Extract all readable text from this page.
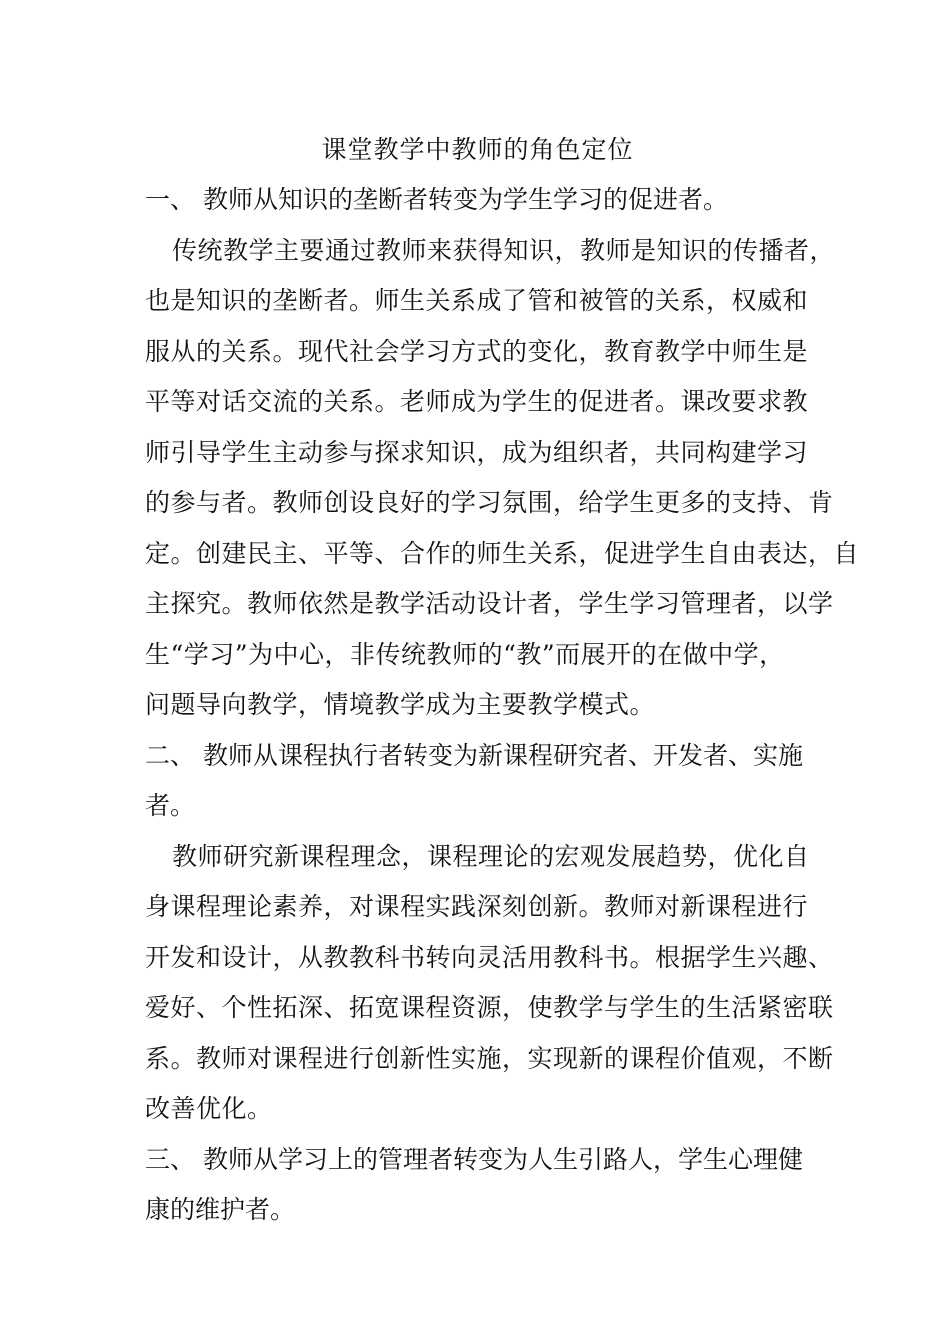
课堂教学中教师的角色定位
一、 教师从知识的垄断者转变为学生学习的促进者。
传统教学主要通过教师来获得知识，教师是知识的传播者，
也是知识的垄断者。师生关系成了管和被管的关系，权威和
服从的关系。现代社会学习方式的变化，教育教学中师生是
平等对话交流的关系。老师成为学生的促进者。课改要求教
师引导学生主动参与探求知识，成为组织者，共同构建学习
的参与者。教师创设良好的学习氛围，给学生更多的支持、肯
定。创建民主、平等、合作的师生关系，促进学生自由表达，自
主探究。教师依然是教学活动设计者，学生学习管理者，以学
生“学习”为中心，非传统教师的“教”而展开的在做中学，
问题导向教学，情境教学成为主要教学模式。
二、 教师从课程执行者转变为新课程研究者、开发者、实施
者。
教师研究新课程理念，课程理论的宏观发展趋势，优化自
身课程理论素养，对课程实践深刻创新。教师对新课程进行
开发和设计，从教教科书转向灵活用教科书。根据学生兴趣、
爱好、个性拓深、拓宽课程资源，使教学与学生的生活紧密联
系。教师对课程进行创新性实施，实现新的课程价值观，不断
改善优化。
三、 教师从学习上的管理者转变为人生引路人，学生心理健
康的维护者。
